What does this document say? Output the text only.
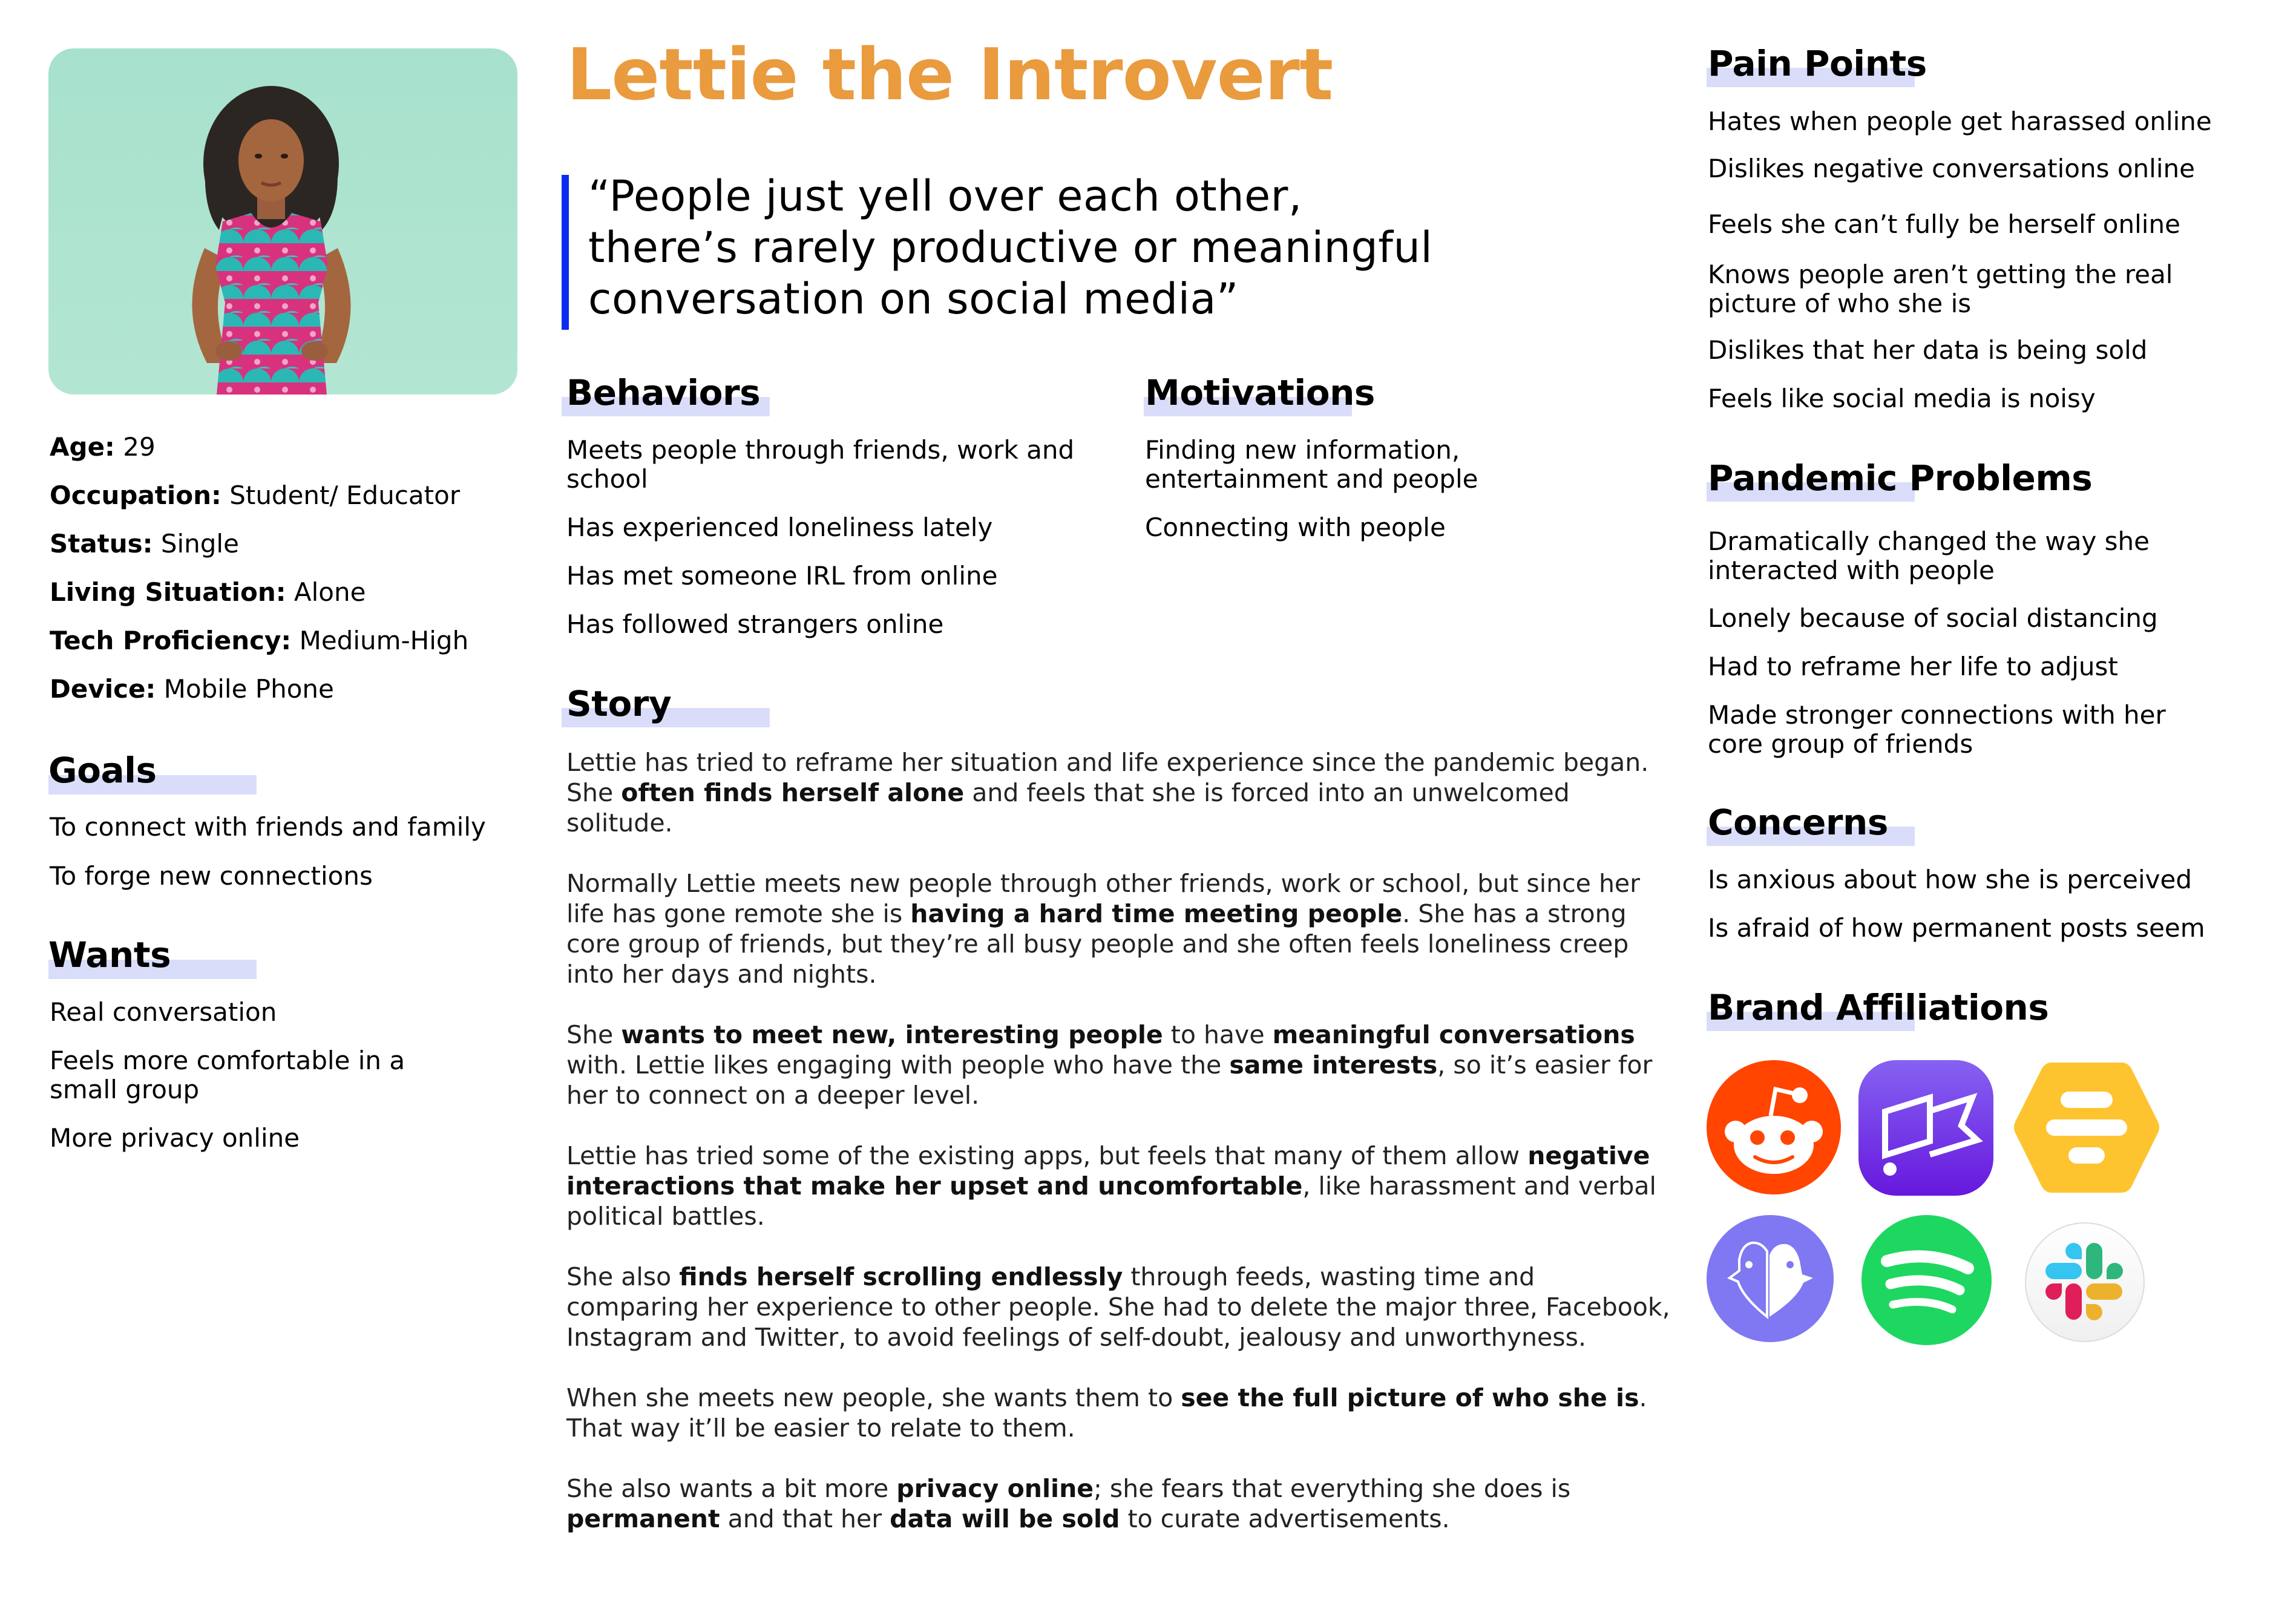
Age: 29
Occupation: Student/ Educator
Status: Single
Living Situation: Alone
Tech Proficiency: Medium-High
Device: Mobile Phone
Goals
To connect with friends and family
To forge new connections
Wants
Real conversation
Feels more comfortable in a small group
More privacy online
Lettie the Introvert
“People just yell over each other,
there’s rarely productive or meaningful
conversation on social media”
Behaviors
Meets people through friends, work and school
Has experienced loneliness lately
Has met someone IRL from online
Has followed strangers online
Motivations
Finding new information, entertainment and people
Connecting with people
Story

Lettie has tried to reframe her situation and life experience since the pandemic began. She often finds herself alone and feels that she is forced into an unwelcomed solitude.

Normally Lettie meets new people through other friends, work or school, but since her life has gone remote she is having a hard time meeting people. She has a strong core group of friends, but they’re all busy people and she often feels loneliness creep into her days and nights.

She wants to meet new, interesting people to have meaningful conversations with. Lettie likes engaging with people who have the same interests, so it’s easier for her to connect on a deeper level.

Lettie has tried some of the existing apps, but feels that many of them allow negative interactions that make her upset and uncomfortable, like harassment and verbal political battles.

She also finds herself scrolling endlessly through feeds, wasting time and comparing her experience to other people. She had to delete the major three, Facebook, Instagram and Twitter, to avoid feelings of self-doubt, jealousy and unworthyness.

When she meets new people, she wants them to see the full picture of who she is. That way it’ll be easier to relate to them.

She also wants a bit more privacy online; she fears that everything she does is permanent and that her data will be sold to curate advertisements.

Pain Points
Hates when people get harassed online
Dislikes negative conversations online
Feels she can’t fully be herself online
Knows people aren’t getting the real picture of who she is
Dislikes that her data is being sold
Feels like social media is noisy
Pandemic Problems
Dramatically changed the way she interacted with people
Lonely because of social distancing
Had to reframe her life to adjust
Made stronger connections with her core group of friends
Concerns
Is anxious about how she is perceived
Is afraid of how permanent posts seem
Brand Affiliations
